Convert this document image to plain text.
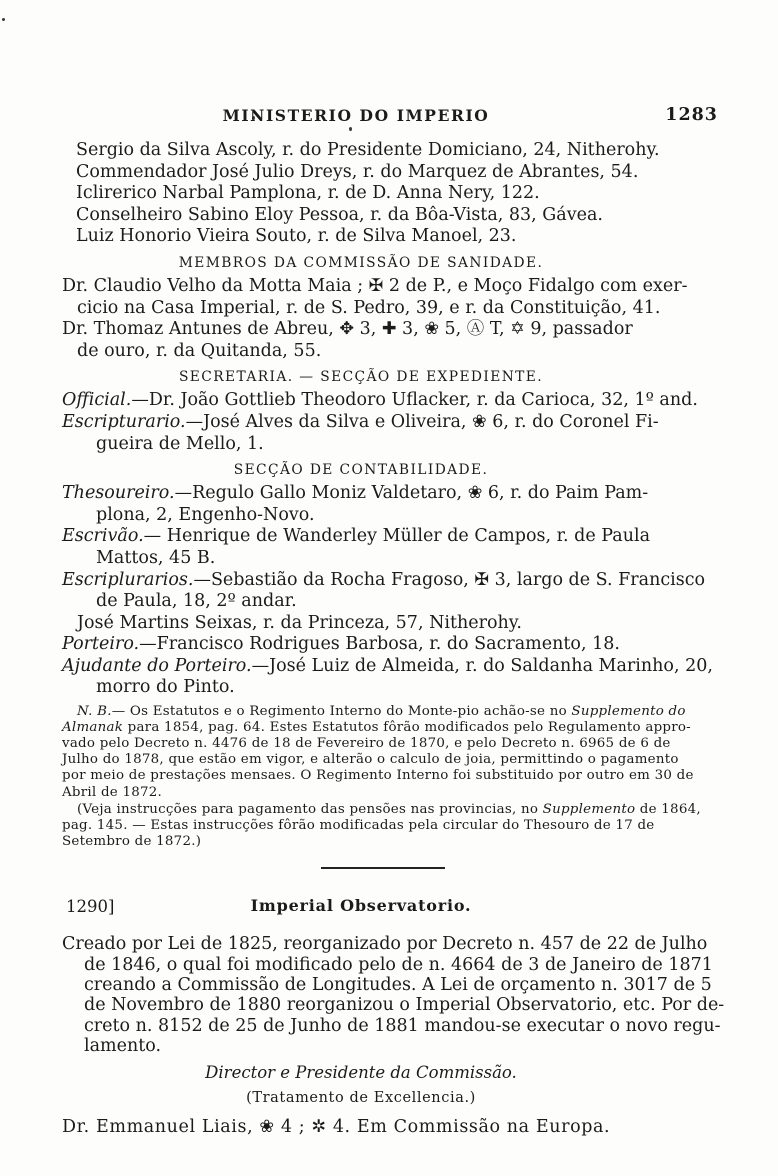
MINISTERIO DO IMPERIO	1283
Sergio da Silva Ascoly, r. do Presidente Domiciano, 24, Nitherohy.
Commendador José Julio Dreys, r. do Marquez de Abrantes, 54.
Iclirerico Narbal Pamplona, r. de D. Anna Nery, 122.
Conselheiro Sabino Eloy Pessoa, r. da Bôa-Vista, 83, Gávea.
Luiz Honorio Vieira Souto, r. de Silva Manoel, 23.
MEMBROS DA COMMISSÃO DE SANIDADE.
Dr. Claudio Velho da Motta Maia ; ✠ 2 de P., e Moço Fidalgo com exer-
cicio na Casa Imperial, r. de S. Pedro, 39, e r. da Constituição, 41.
Dr. Thomaz Antunes de Abreu, ✥ 3, ✚ 3, ❀ 5, Ⓐ T, ✡ 9, passador
de ouro, r. da Quitanda, 55.
SECRETARIA. — SECÇÃO DE EXPEDIENTE.
Official.—Dr. João Gottlieb Theodoro Uflacker, r. da Carioca, 32, 1º and.
Escripturario.—José Alves da Silva e Oliveira, ❀ 6, r. do Coronel Fi-
gueira de Mello, 1.
SECÇÃO DE CONTABILIDADE.
Thesoureiro.—Regulo Gallo Moniz Valdetaro, ❀ 6, r. do Paim Pam-
plona, 2, Engenho-Novo.
Escrivão.— Henrique de Wanderley Müller de Campos, r. de Paula
Mattos, 45 B.
Escriplurarios.—Sebastião da Rocha Fragoso, ✠ 3, largo de S. Francisco
de Paula, 18, 2º andar.
José Martins Seixas, r. da Princeza, 57, Nitherohy.
Porteiro.—Francisco Rodrigues Barbosa, r. do Sacramento, 18.
Ajudante do Porteiro.—José Luiz de Almeida, r. do Saldanha Marinho, 20,
morro do Pinto.
N. B.— Os Estatutos e o Regimento Interno do Monte-pio achão-se no Supplemento do
Almanak para 1854, pag. 64. Estes Estatutos fôrão modificados pelo Regulamento appro-
vado pelo Decreto n. 4476 de 18 de Fevereiro de 1870, e pelo Decreto n. 6965 de 6 de
Julho do 1878, que estão em vigor, e alterão o calculo de joia, permittindo o pagamento
por meio de prestações mensaes. O Regimento Interno foi substituido por outro em 30 de
Abril de 1872.
(Veja instrucções para pagamento das pensões nas provincias, no Supplemento de 1864,
pag. 145. — Estas instrucções fôrão modificadas pela circular do Thesouro de 17 de
Setembro de 1872.)
1290]	Imperial Observatorio.
Creado por Lei de 1825, reorganizado por Decreto n. 457 de 22 de Julho
de 1846, o qual foi modificado pelo de n. 4664 de 3 de Janeiro de 1871
creando a Commissão de Longitudes. A Lei de orçamento n. 3017 de 5
de Novembro de 1880 reorganizou o Imperial Observatorio, etc. Por de-
creto n. 8152 de 25 de Junho de 1881 mandou-se executar o novo regu-
lamento.
Director e Presidente da Commissão.
(Tratamento de Excellencia.)
Dr. Emmanuel Liais, ❀ 4 ; ✲ 4. Em Commissão na Europa.
